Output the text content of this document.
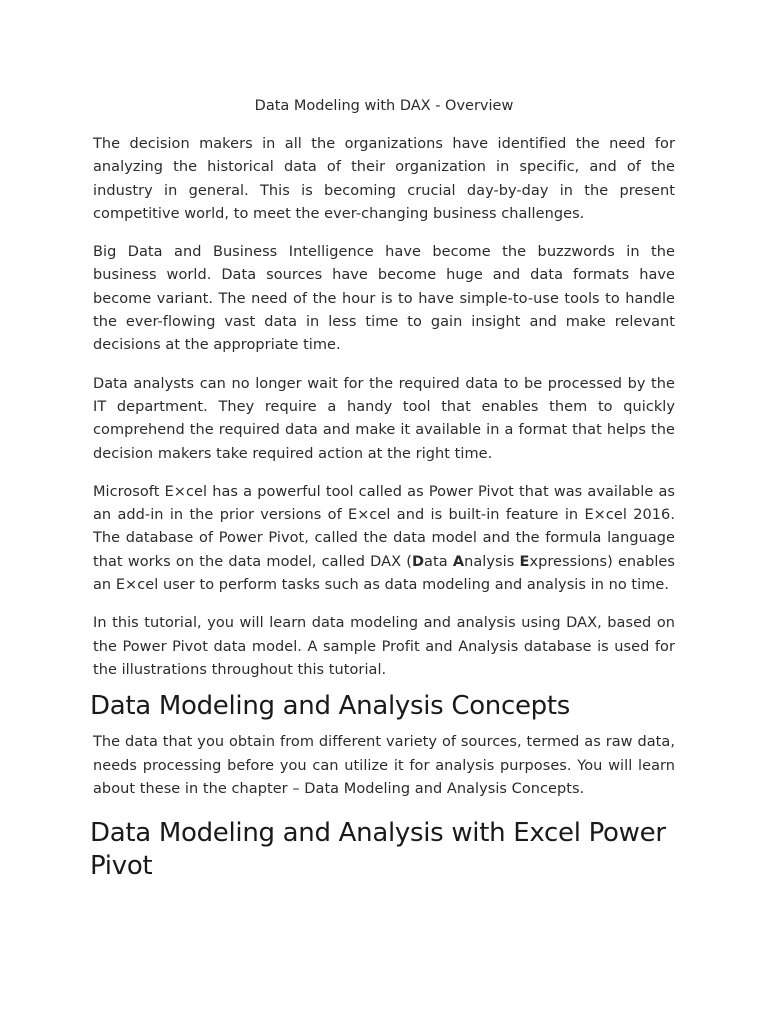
Data Modeling with DAX - Overview

The decision makers in all the organizations have identified the need for analyzing the historical data of their organization in specific, and of the industry in general. This is becoming crucial day-by-day in the present competitive world, to meet the ever-changing business challenges.

Big Data and Business Intelligence have become the buzzwords in the business world. Data sources have become huge and data formats have become variant. The need of the hour is to have simple-to-use tools to handle the ever-flowing vast data in less time to gain insight and make relevant decisions at the appropriate time.

Data analysts can no longer wait for the required data to be processed by the IT department. They require a handy tool that enables them to quickly comprehend the required data and make it available in a format that helps the decision makers take required action at the right time.

Microsoft E×cel has a powerful tool called as Power Pivot that was available as an add-in in the prior versions of E×cel and is built-in feature in E×cel 2016. The database of Power Pivot, called the data model and the formula language that works on the data model, called DAX (Data Analysis Expressions) enables an E×cel user to perform tasks such as data modeling and analysis in no time.

In this tutorial, you will learn data modeling and analysis using DAX, based on the Power Pivot data model. A sample Profit and Analysis database is used for the illustrations throughout this tutorial.

Data Modeling and Analysis Concepts

The data that you obtain from different variety of sources, termed as raw data, needs processing before you can utilize it for analysis purposes. You will learn about these in the chapter – Data Modeling and Analysis Concepts.

Data Modeling and Analysis with Excel Power Pivot
